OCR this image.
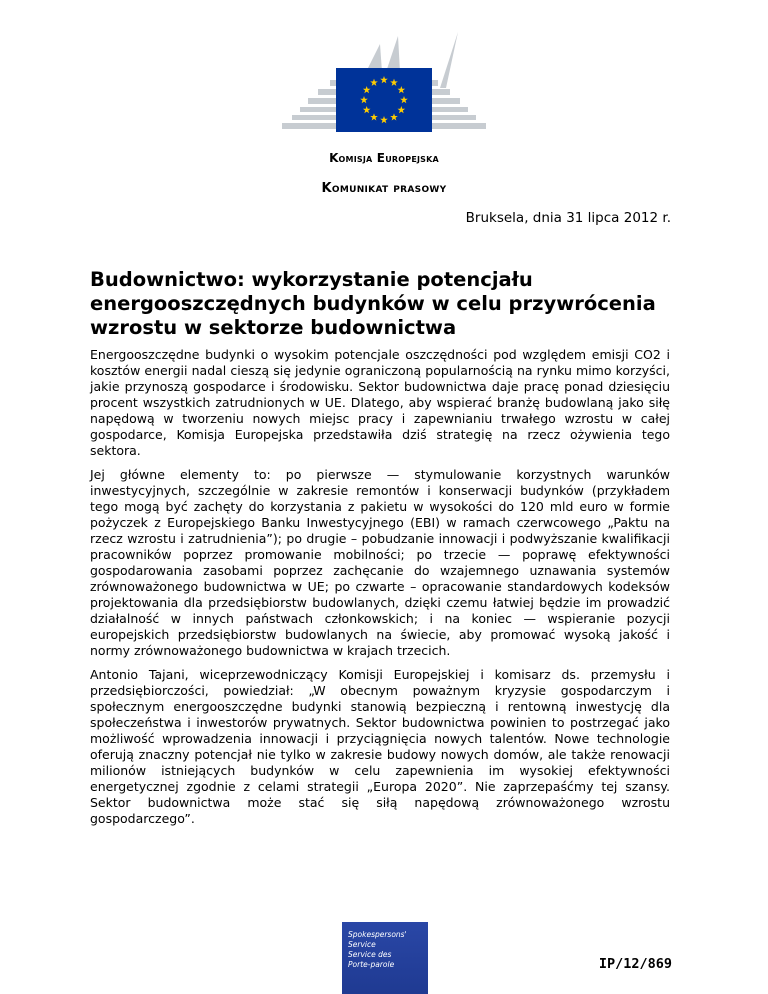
Komisja Europejska
Komunikat prasowy
Bruksela, dnia 31 lipca 2012 r.
Budownictwo: wykorzystanie potencjału energooszczędnych budynków w celu przywrócenia wzrostu w sektorze budownictwa

Energooszczędne budynki o wysokim potencjale oszczędności pod względem emisji CO2 i kosztów energii nadal cieszą się jedynie ograniczoną popularnością na rynku mimo korzyści, jakie przynoszą gospodarce i środowisku. Sektor budownictwa daje pracę ponad dziesięciu procent wszystkich zatrudnionych w UE. Dlatego, aby wspierać branżę budowlaną jako siłę napędową w tworzeniu nowych miejsc pracy i zapewnianiu trwałego wzrostu w całej gospodarce, Komisja Europejska przedstawiła dziś strategię na rzecz ożywienia tego sektora.

Jej główne elementy to: po pierwsze — stymulowanie korzystnych warunków inwestycyjnych, szczególnie w zakresie remontów i konserwacji budynków (przykładem tego mogą być zachęty do korzystania z pakietu w wysokości do 120 mld euro w formie pożyczek z Europejskiego Banku Inwestycyjnego (EBI) w ramach czerwcowego „Paktu na rzecz wzrostu i zatrudnienia”); po drugie – pobudzanie innowacji i podwyższanie kwalifikacji pracowników poprzez promowanie mobilności; po trzecie — poprawę efektywności gospodarowania zasobami poprzez zachęcanie do wzajemnego uznawania systemów zrównoważonego budownictwa w UE; po czwarte – opracowanie standardowych kodeksów projektowania dla przedsiębiorstw budowlanych, dzięki czemu łatwiej będzie im prowadzić działalność w innych państwach członkowskich; i na koniec — wspieranie pozycji europejskich przedsiębiorstw budowlanych na świecie, aby promować wysoką jakość i normy zrównoważonego budownictwa w krajach trzecich.

Antonio Tajani, wiceprzewodniczący Komisji Europejskiej i komisarz ds. przemysłu i przedsiębiorczości, powiedział: „W obecnym poważnym kryzysie gospodarczym i społecznym energooszczędne budynki stanowią bezpieczną i rentowną inwestycję dla społeczeństwa i inwestorów prywatnych. Sektor budownictwa powinien to postrzegać jako możliwość wprowadzenia innowacji i przyciągnięcia nowych talentów. Nowe technologie oferują znaczny potencjał nie tylko w zakresie budowy nowych domów, ale także renowacji milionów istniejących budynków w celu zapewnienia im wysokiej efektywności energetycznej zgodnie z celami strategii „Europa 2020”. Nie zaprzepaśćmy tej szansy. Sektor budownictwa może stać się siłą napędową zrównoważonego wzrostu gospodarczego”.

Spokespersons'
Service
Service des
Porte-parole	IP/12/869
